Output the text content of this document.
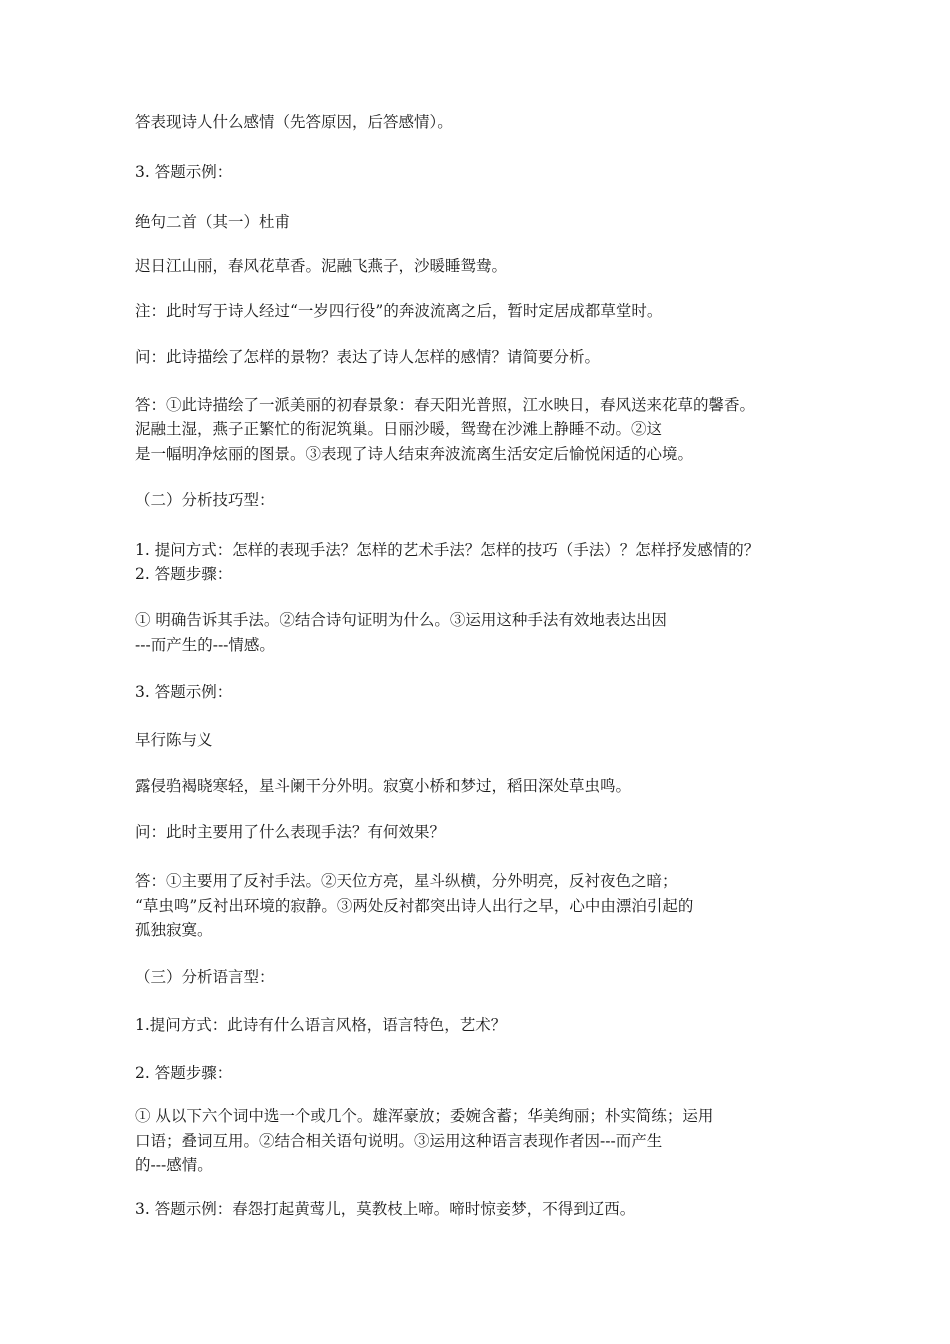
答表现诗人什么感情（先答原因，后答感情）。

3. 答题示例：

绝句二首（其一）杜甫

迟日江山丽，春风花草香。泥融飞燕子，沙暖睡鸳鸯。

注：此时写于诗人经过“一岁四行役”的奔波流离之后，暂时定居成都草堂时。

问：此诗描绘了怎样的景物？表达了诗人怎样的感情？请简要分析。

答：①此诗描绘了一派美丽的初春景象：春天阳光普照，江水映日，春风送来花草的馨香。

泥融土湿，燕子正繁忙的衔泥筑巢。日丽沙暖，鸳鸯在沙滩上静睡不动。②这

是一幅明净炫丽的图景。③表现了诗人结束奔波流离生活安定后愉悦闲适的心境。

（二）分析技巧型：

1. 提问方式：怎样的表现手法？怎样的艺术手法？怎样的技巧（手法）？怎样抒发感情的？

2. 答题步骤：

① 明确告诉其手法。②结合诗句证明为什么。③运用这种手法有效地表达出因

---而产生的---情感。

3. 答题示例：

早行陈与义

露侵驺褐晓寒轻，星斗阑干分外明。寂寞小桥和梦过，稻田深处草虫鸣。

问：此时主要用了什么表现手法？有何效果？

答：①主要用了反衬手法。②天位方亮，星斗纵横，分外明亮，反衬夜色之暗；

“草虫鸣”反衬出环境的寂静。③两处反衬都突出诗人出行之早，心中由漂泊引起的

孤独寂寞。

（三）分析语言型：

1.提问方式：此诗有什么语言风格，语言特色，艺术？

2. 答题步骤：

① 从以下六个词中选一个或几个。雄浑豪放；委婉含蓄；华美绚丽；朴实简练；运用

口语；叠词互用。②结合相关语句说明。③运用这种语言表现作者因---而产生

的---感情。

3. 答题示例：春怨打起黄莺儿，莫教枝上啼。啼时惊妾梦，不得到辽西。
